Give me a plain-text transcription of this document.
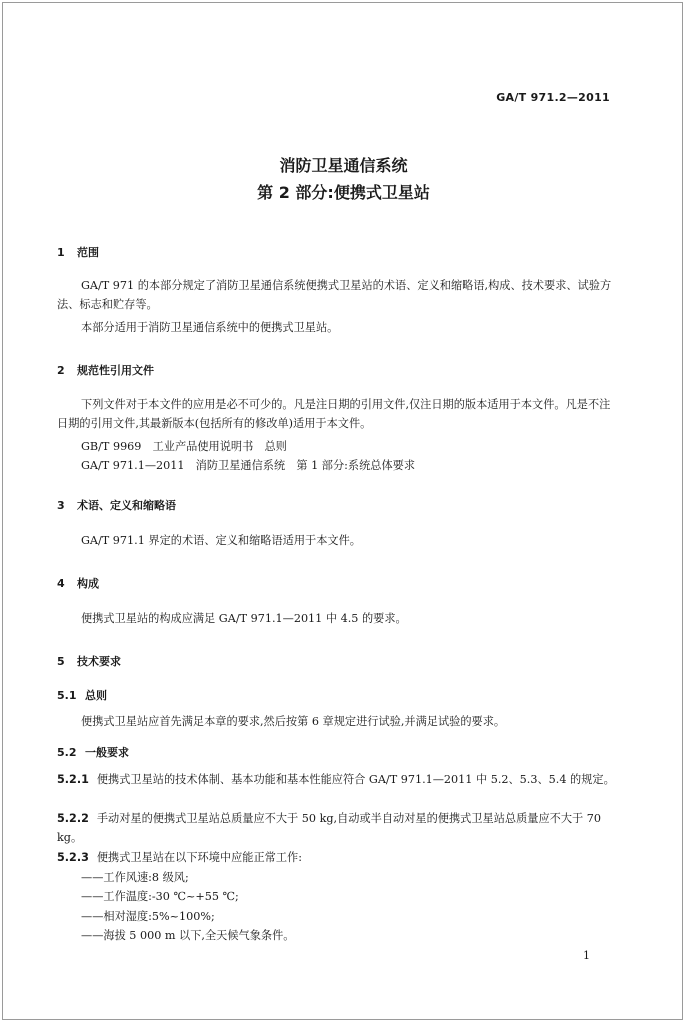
GA/T 971.2—2011
消防卫星通信系统
第 2 部分:便携式卫星站
1 范围
GA/T 971 的本部分规定了消防卫星通信系统便携式卫星站的术语、定义和缩略语,构成、技术要求、试验方法、标志和贮存等。
本部分适用于消防卫星通信系统中的便携式卫星站。
2 规范性引用文件
下列文件对于本文件的应用是必不可少的。凡是注日期的引用文件,仅注日期的版本适用于本文件。凡是不注日期的引用文件,其最新版本(包括所有的修改单)适用于本文件。
GB/T 9969　工业产品使用说明书　总则
GA/T 971.1—2011　消防卫星通信系统　第 1 部分:系统总体要求
3 术语、定义和缩略语
GA/T 971.1 界定的术语、定义和缩略语适用于本文件。
4 构成
便携式卫星站的构成应满足 GA/T 971.1—2011 中 4.5 的要求。
5 技术要求
5.1 总则
便携式卫星站应首先满足本章的要求,然后按第 6 章规定进行试验,并满足试验的要求。
5.2 一般要求
5.2.1 便携式卫星站的技术体制、基本功能和基本性能应符合 GA/T 971.1—2011 中 5.2、5.3、5.4 的规定。
5.2.2 手动对星的便携式卫星站总质量应不大于 50 kg,自动或半自动对星的便携式卫星站总质量应不大于 70 kg。
5.2.3 便携式卫星站在以下环境中应能正常工作:
——工作风速:8 级风;
——工作温度:-30 ℃~+55 ℃;
——相对湿度:5%~100%;
——海拔 5 000 m 以下,全天候气象条件。
1
